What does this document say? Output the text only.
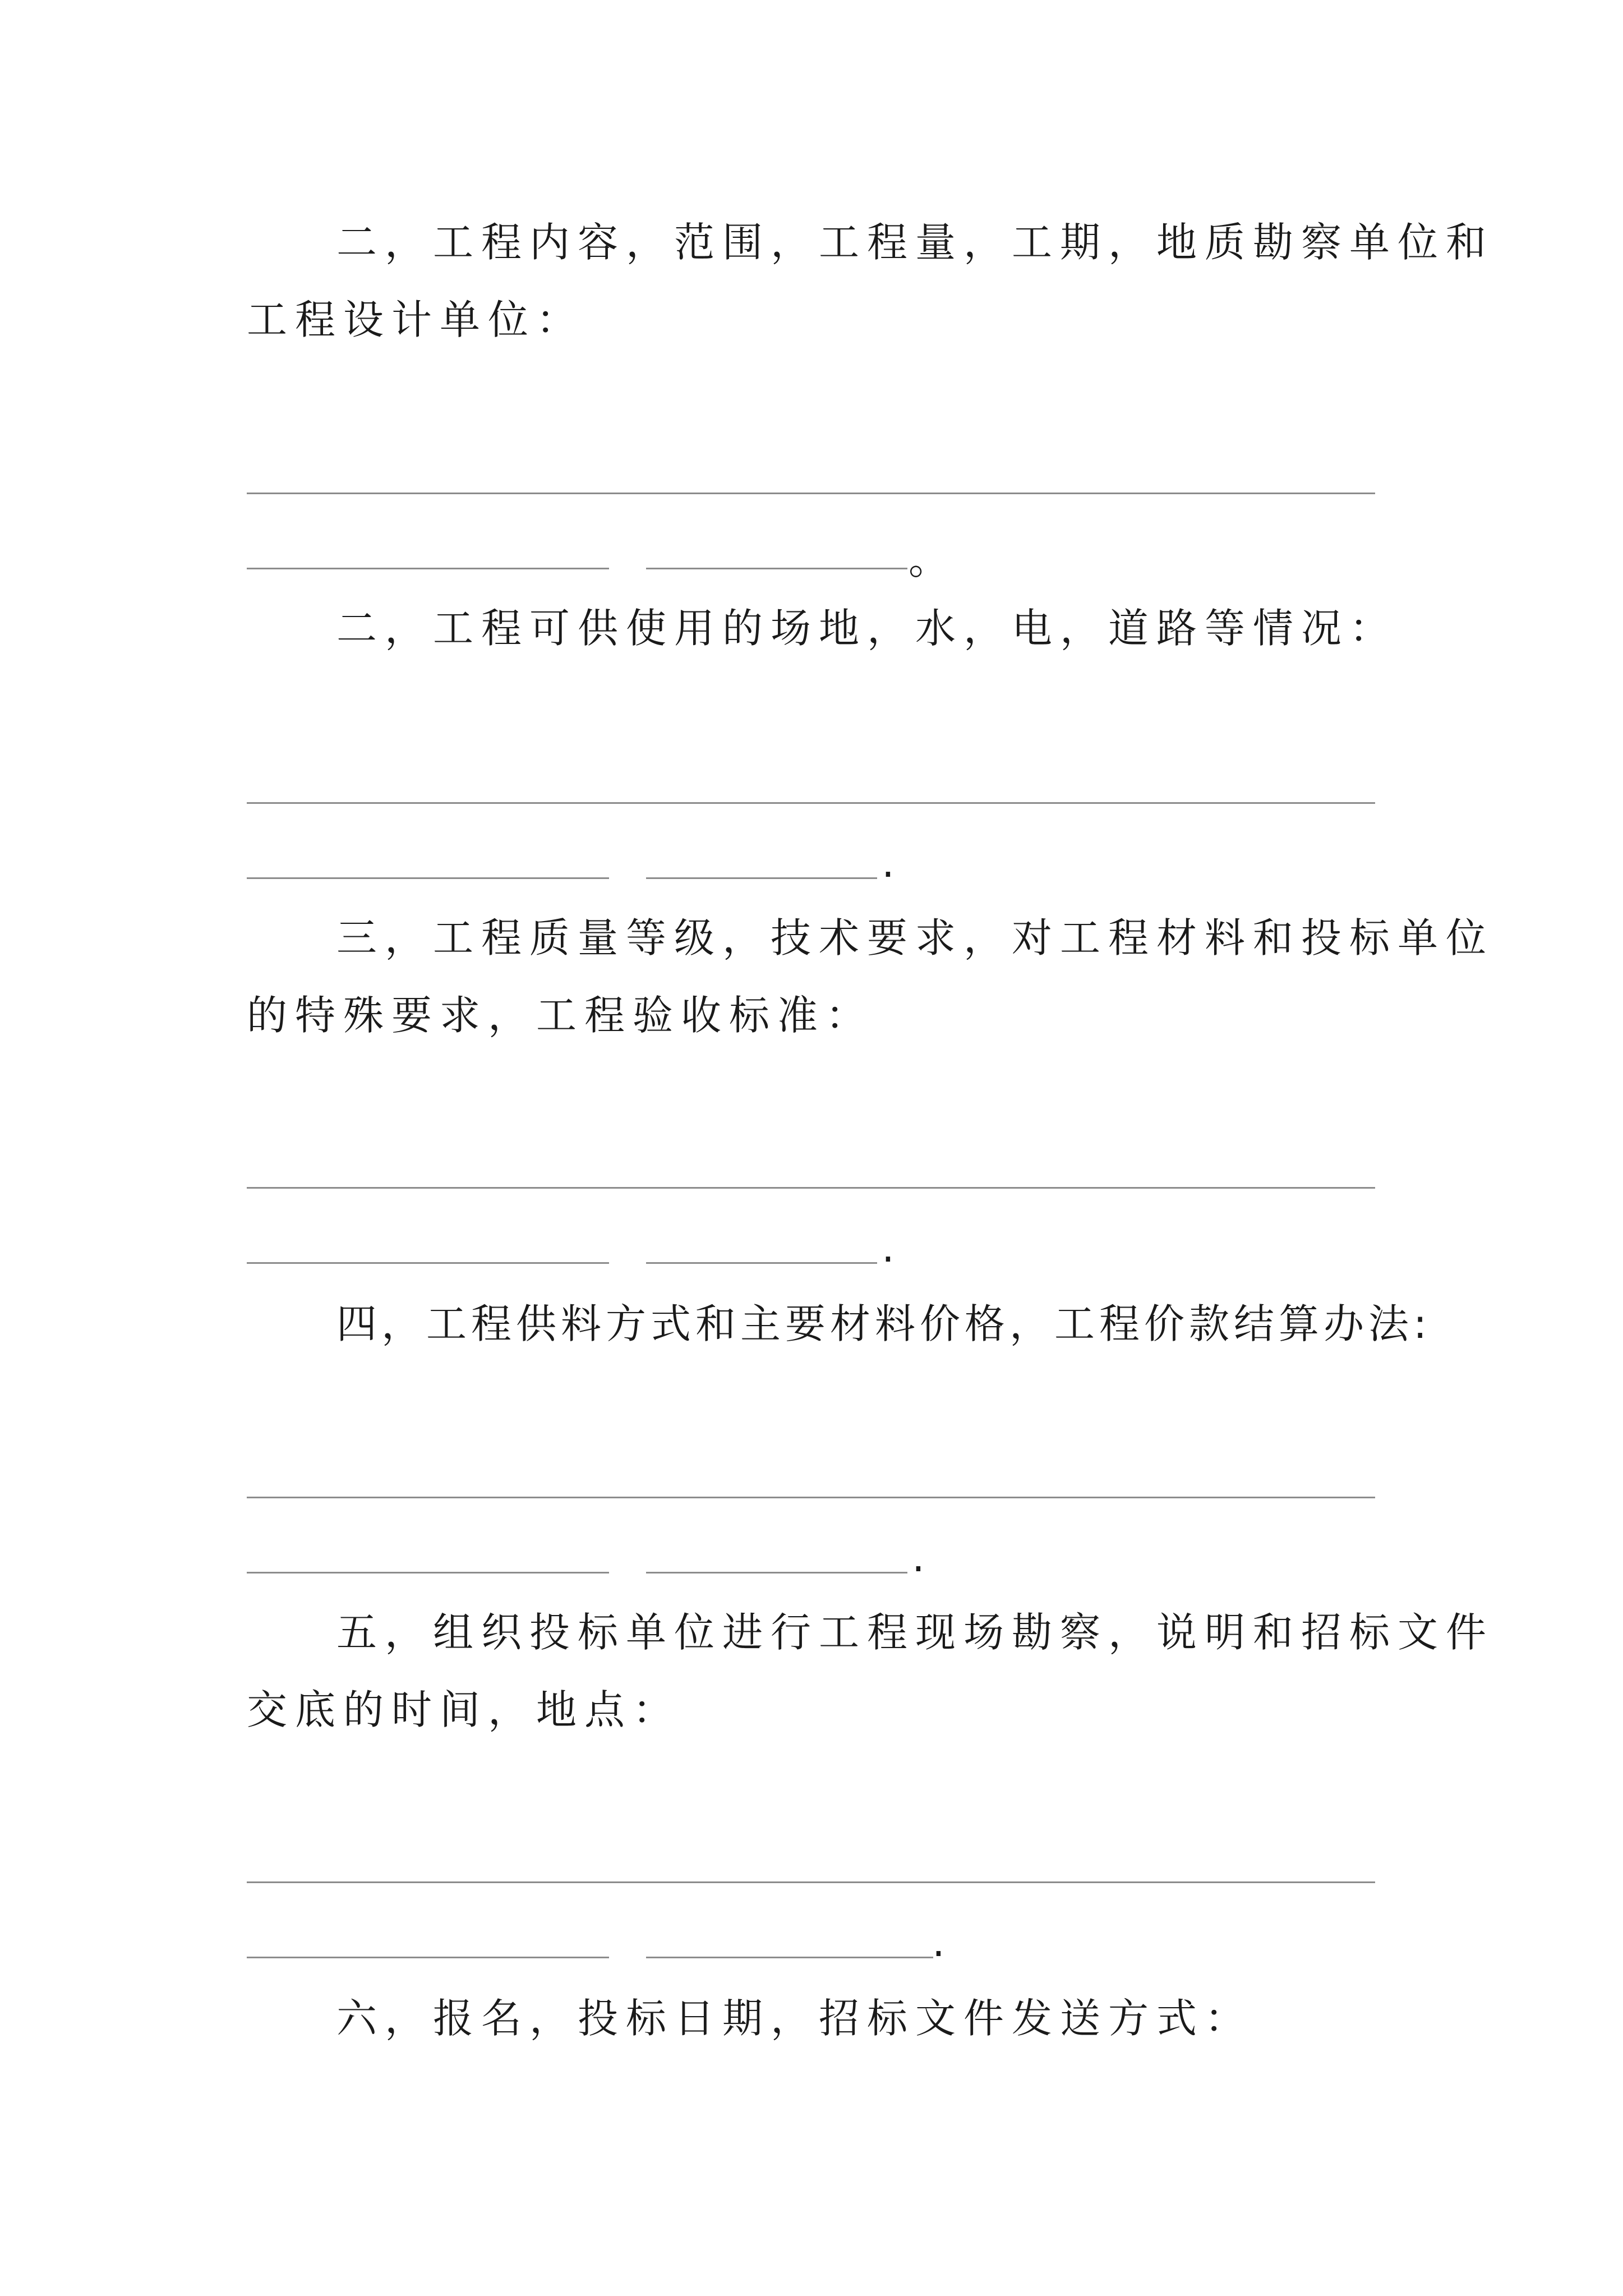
二，工程内容，范围，工程量，工期，地质勘察单位和
工程设计单位：
。
二，工程可供使用的场地，水，电，道路等情况：
.
三，工程质量等级，技术要求，对工程材料和投标单位
的特殊要求，工程验收标准：
.
四，工程供料方式和主要材料价格，工程价款结算办法:
.
五，组织投标单位进行工程现场勘察，说明和招标文件
交底的时间，地点：
.
六，报名，投标日期，招标文件发送方式：
